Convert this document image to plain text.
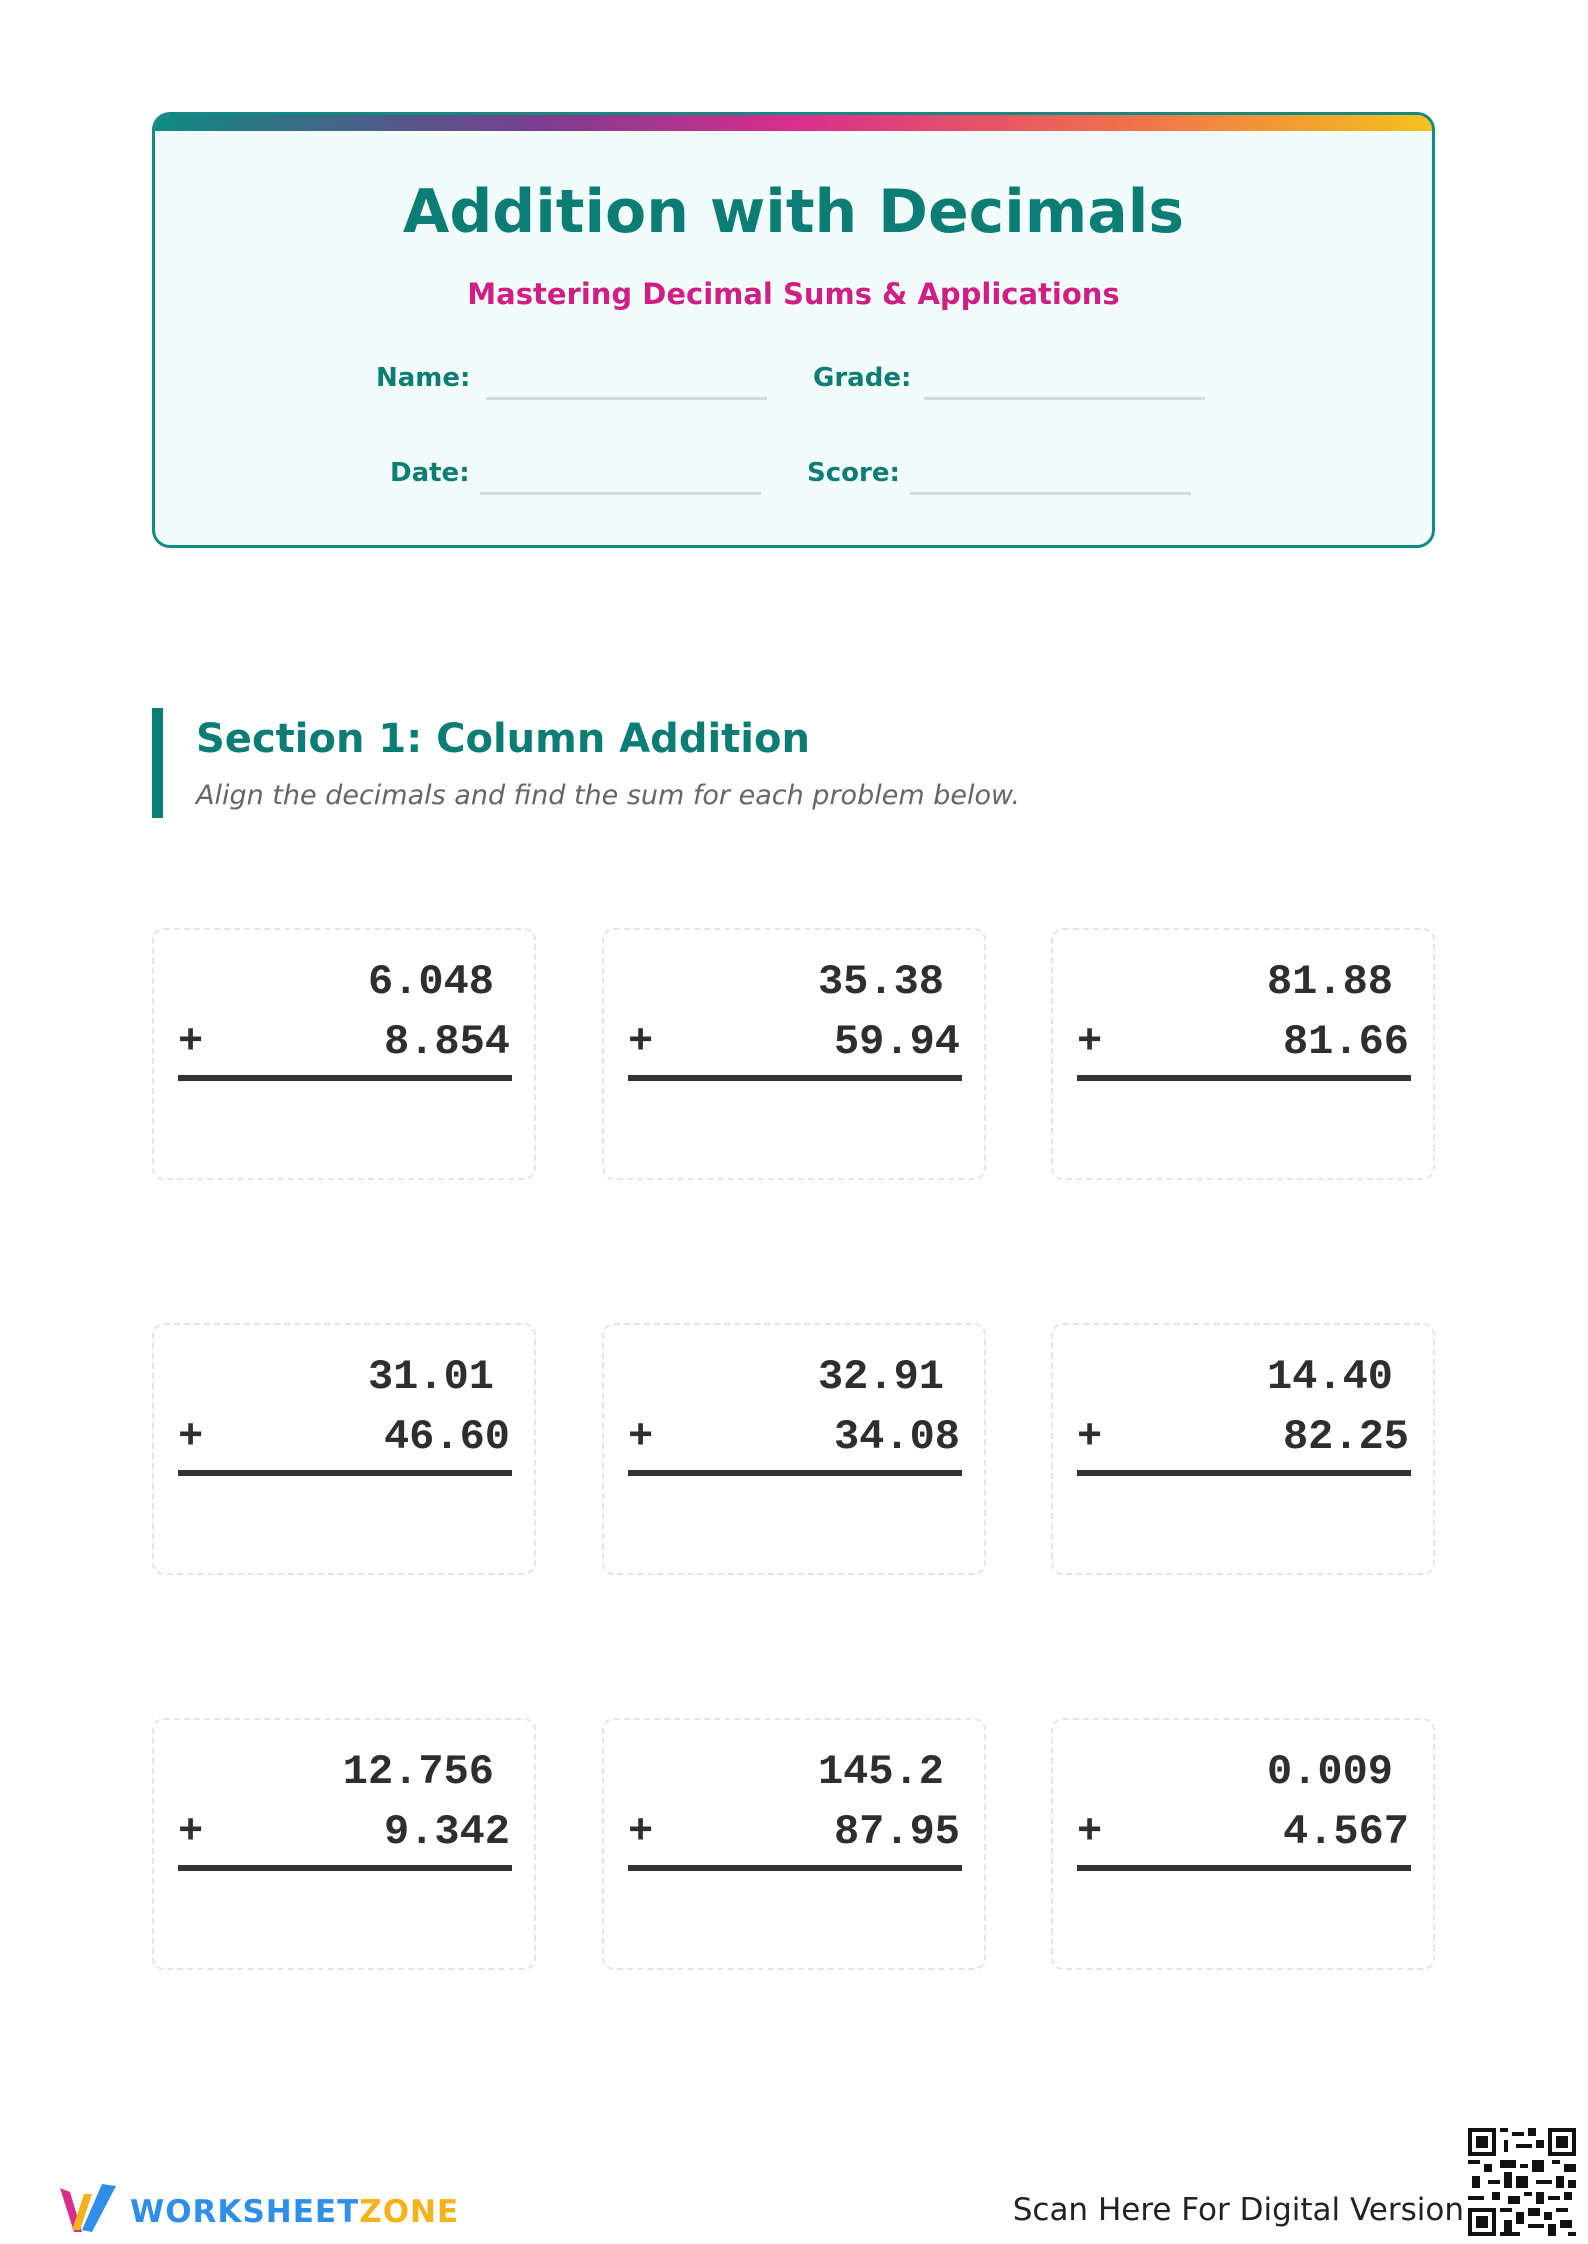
Addition with Decimals
Mastering Decimal Sums & Applications
Name:	Grade:
Date:	Score:
Section 1: Column Addition
Align the decimals and find the sum for each problem below.
6.048
+	8.854
35.38
+	59.94
81.88
+	81.66
31.01
+	46.60
32.91
+	34.08
14.40
+	82.25
12.756
+	9.342
145.2
+	87.95
0.009
+	4.567
WORKSHEETZONE	Scan Here For Digital Version
